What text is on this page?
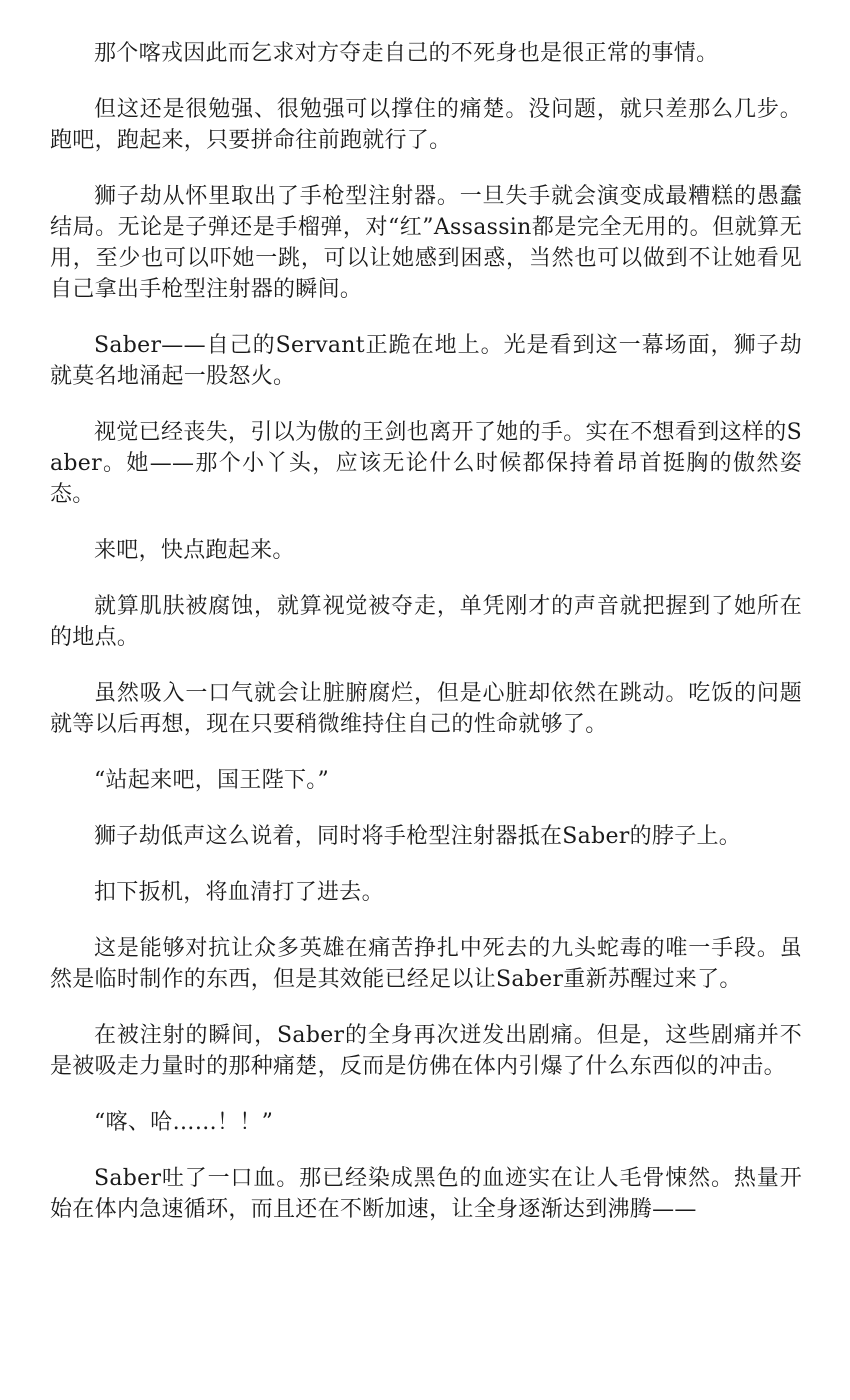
那个喀戎因此而乞求对方夺走自己的不死身也是很正常的事情。

但这还是很勉强、很勉强可以撑住的痛楚。没问题，就只差那么几步。跑吧，跑起来，只要拼命往前跑就行了。

狮子劫从怀里取出了手枪型注射器。一旦失手就会演变成最糟糕的愚蠢结局。无论是子弹还是手榴弹，对“红”Assassin都是完全无用的。但就算无用，至少也可以吓她一跳，可以让她感到困惑，当然也可以做到不让她看见自己拿出手枪型注射器的瞬间。

Saber——自己的Servant正跪在地上。光是看到这一幕场面，狮子劫就莫名地涌起一股怒火。

视觉已经丧失，引以为傲的王剑也离开了她的手。实在不想看到这样的Saber。她——那个小丫头，应该无论什么时候都保持着昂首挺胸的傲然姿态。

来吧，快点跑起来。

就算肌肤被腐蚀，就算视觉被夺走，单凭刚才的声音就把握到了她所在的地点。

虽然吸入一口气就会让脏腑腐烂，但是心脏却依然在跳动。吃饭的问题就等以后再想，现在只要稍微维持住自己的性命就够了。

“站起来吧，国王陛下。”

狮子劫低声这么说着，同时将手枪型注射器抵在Saber的脖子上。

扣下扳机，将血清打了进去。

这是能够对抗让众多英雄在痛苦挣扎中死去的九头蛇毒的唯一手段。虽然是临时制作的东西，但是其效能已经足以让Saber重新苏醒过来了。

在被注射的瞬间，Saber的全身再次迸发出剧痛。但是，这些剧痛并不是被吸走力量时的那种痛楚，反而是仿佛在体内引爆了什么东西似的冲击。

“喀、哈……！！”

Saber吐了一口血。那已经染成黑色的血迹实在让人毛骨悚然。热量开始在体内急速循环，而且还在不断加速，让全身逐渐达到沸腾——
